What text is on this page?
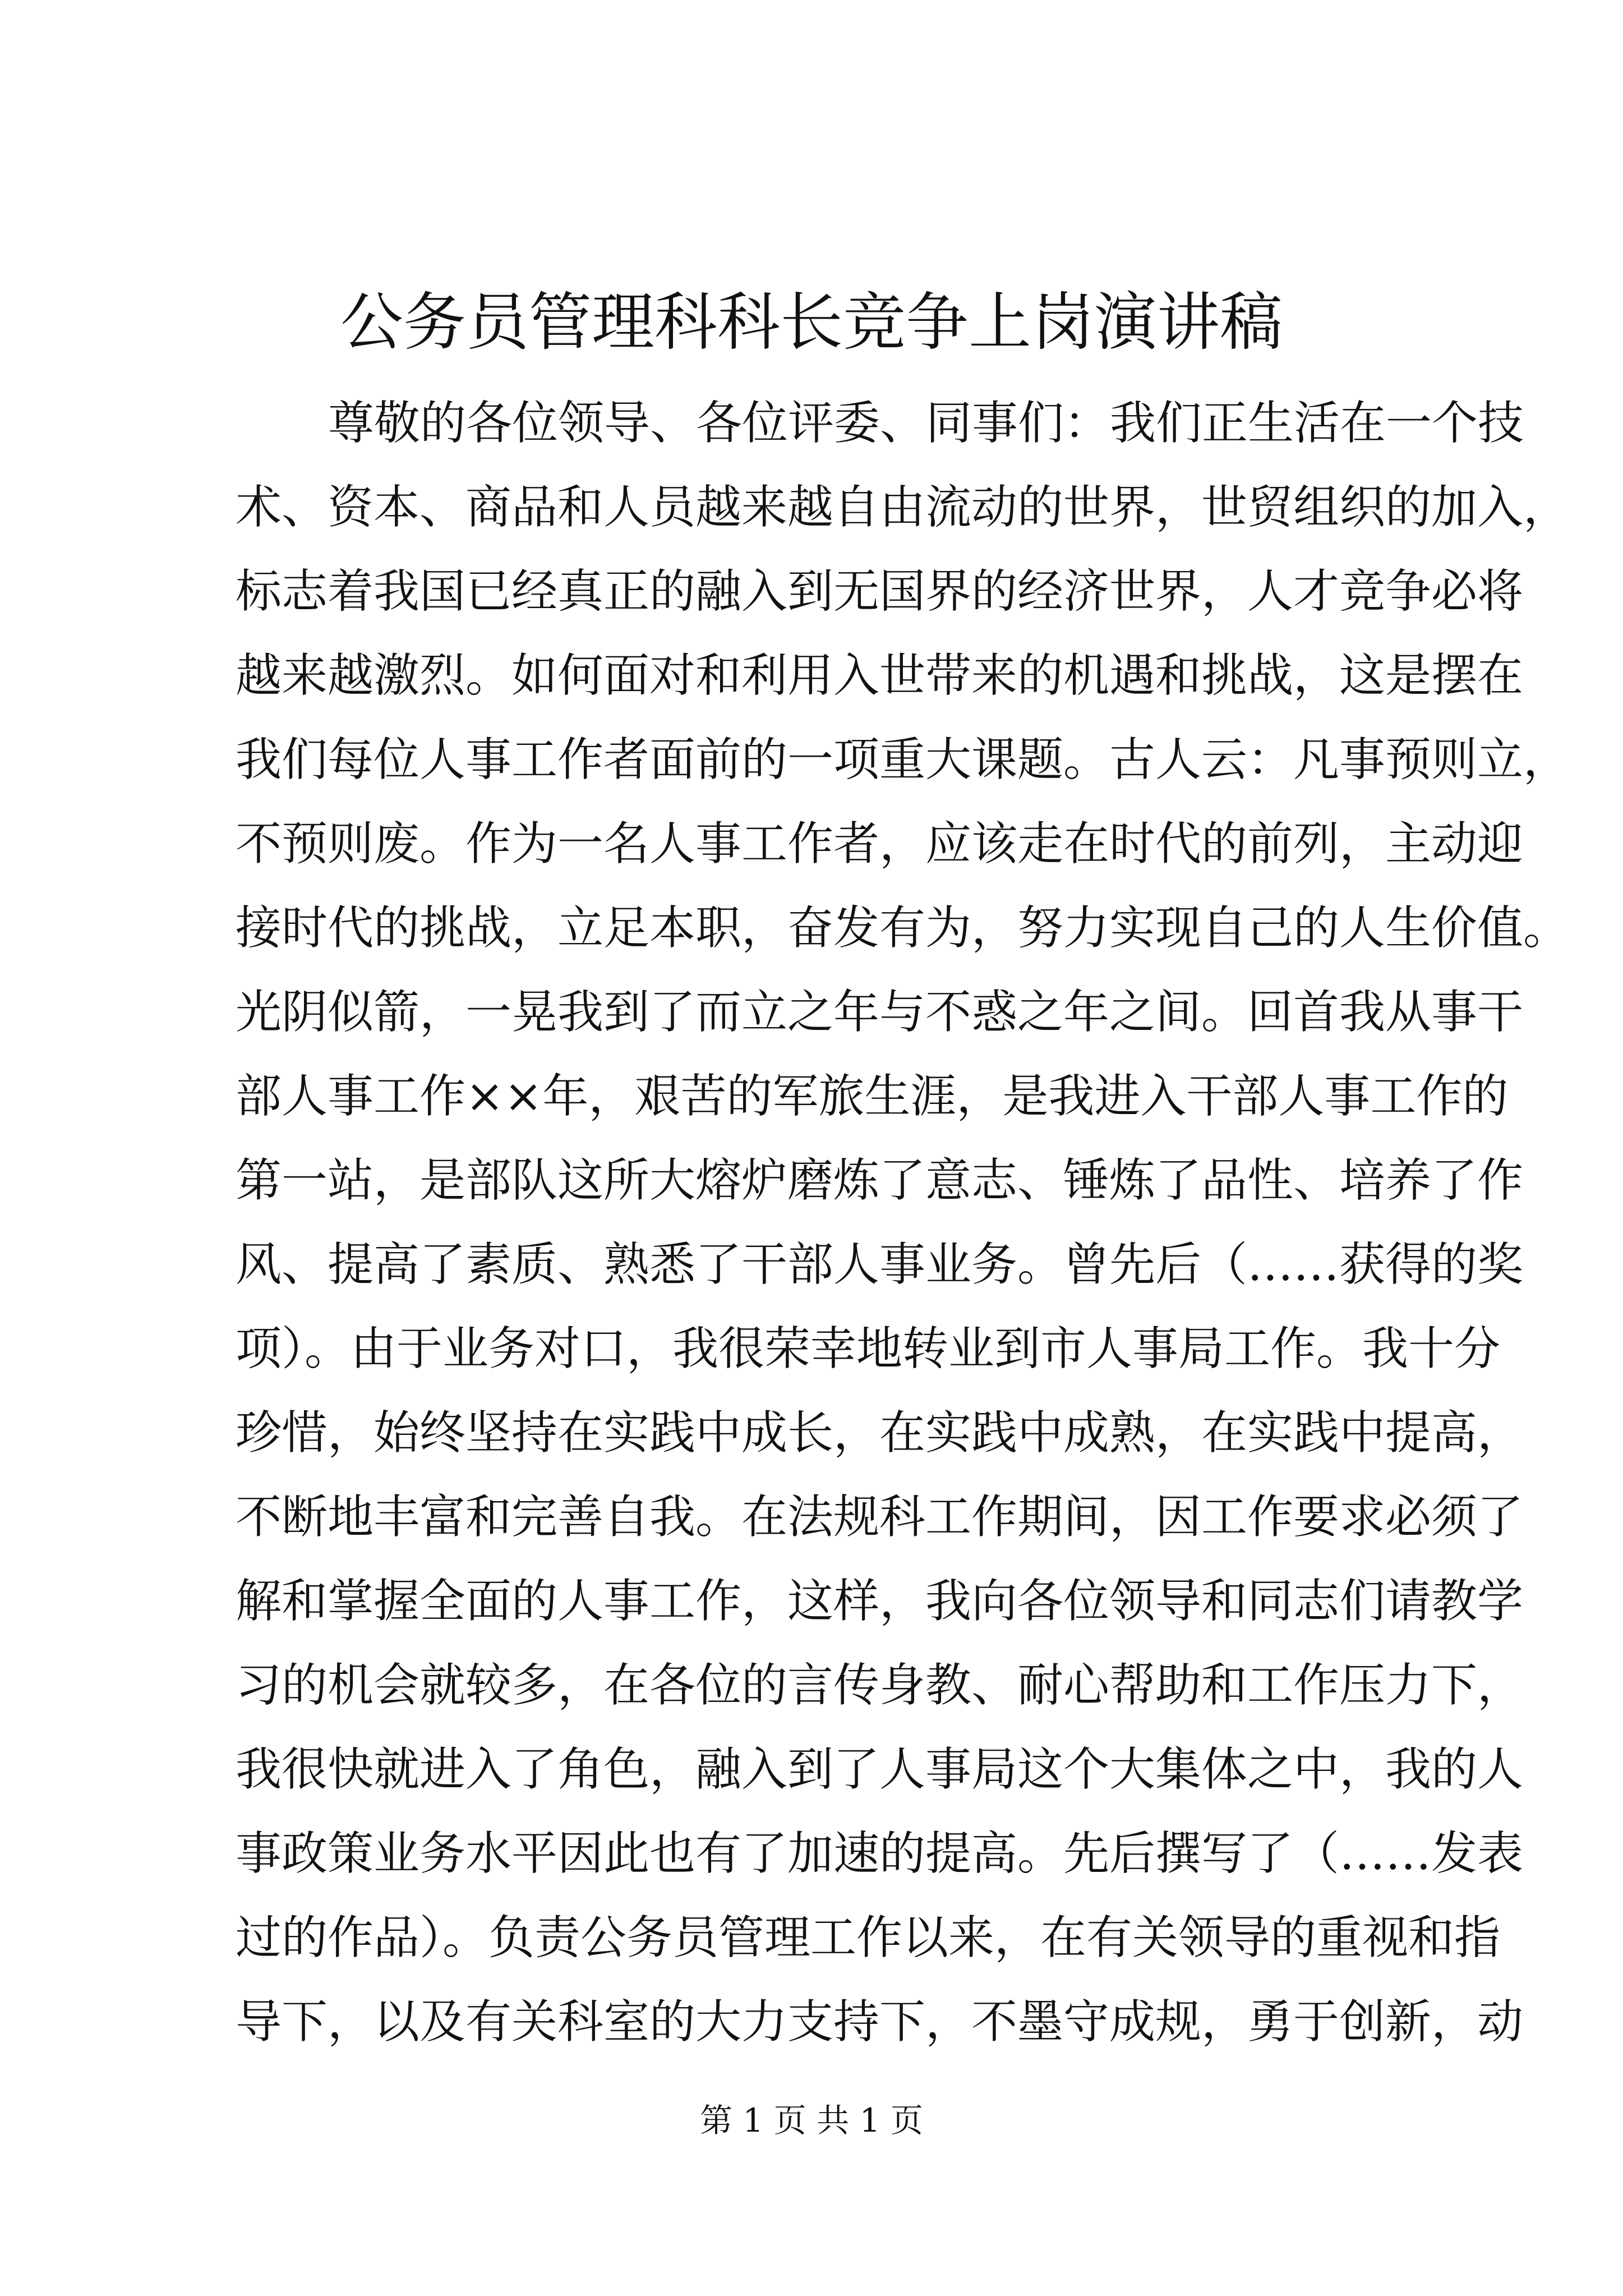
公务员管理科科长竞争上岗演讲稿
尊敬的各位领导、各位评委、同事们：我们正生活在一个技
术、资本、商品和人员越来越自由流动的世界，世贸组织的加入，
标志着我国已经真正的融入到无国界的经济世界，人才竞争必将
越来越激烈。如何面对和利用入世带来的机遇和挑战，这是摆在
我们每位人事工作者面前的一项重大课题。古人云：凡事预则立，
不预则废。作为一名人事工作者，应该走在时代的前列，主动迎
接时代的挑战，立足本职，奋发有为，努力实现自己的人生价值。
光阴似箭，一晃我到了而立之年与不惑之年之间。回首我从事干
部人事工作××年，艰苦的军旅生涯，是我进入干部人事工作的
第一站，是部队这所大熔炉磨炼了意志、锤炼了品性、培养了作
风、提高了素质、熟悉了干部人事业务。曾先后（……获得的奖
项）。由于业务对口，我很荣幸地转业到市人事局工作。我十分
珍惜，始终坚持在实践中成长，在实践中成熟，在实践中提高，
不断地丰富和完善自我。在法规科工作期间，因工作要求必须了
解和掌握全面的人事工作，这样，我向各位领导和同志们请教学
习的机会就较多，在各位的言传身教、耐心帮助和工作压力下，
我很快就进入了角色，融入到了人事局这个大集体之中，我的人
事政策业务水平因此也有了加速的提高。先后撰写了（……发表
过的作品）。负责公务员管理工作以来，在有关领导的重视和指
导下，以及有关科室的大力支持下，不墨守成规，勇于创新，动
第 1 页 共 1 页
